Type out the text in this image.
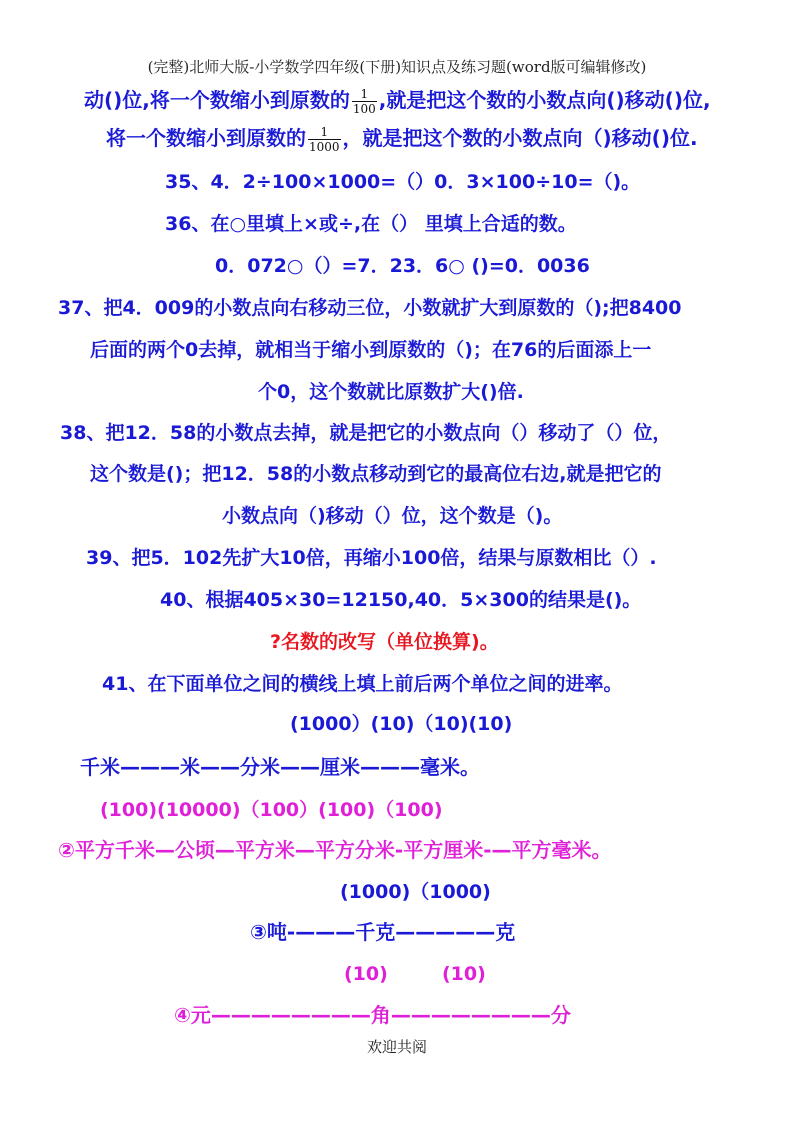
(完整)北师大版-小学数学四年级(下册)知识点及练习题(word版可编辑修改)
动()位,将一个数缩小到原数的 $\frac{1}{100}$ ,就是把这个数的小数点向()移动()位,
将一个数缩小到原数的 $\frac{1}{1000}$ ，就是把这个数的小数点向（)移动()位.
35、4．2÷100×1000=（）0．3×100÷10=（)。
36、在○里填上×或÷,在（） 里填上合适的数。
0．072○（）=7．23．6○ ()=0．0036
37、把4．009的小数点向右移动三位，小数就扩大到原数的（);把8400
后面的两个0去掉，就相当于缩小到原数的（)；在76的后面添上一
个0，这个数就比原数扩大()倍.
38、把12．58的小数点去掉，就是把它的小数点向（）移动了（）位，
这个数是()；把12．58的小数点移动到它的最高位右边,就是把它的
小数点向（)移动（）位，这个数是（)。
39、把5．102先扩大10倍，再缩小100倍，结果与原数相比（）.
40、根据405×30=12150,40．5×300的结果是()。
?名数的改写（单位换算)。
41、在下面单位之间的横线上填上前后两个单位之间的进率。
(1000）(10)（10)(10)
千米———米——分米——厘米———毫米。
(100)(10000)（100）(100)（100)
②平方千米—公顷—平方米—平方分米-平方厘米-—平方毫米。
(1000)（1000)
③吨-———千克—————克
(10)	(10)
④元————————角————————分
欢迎共阅
